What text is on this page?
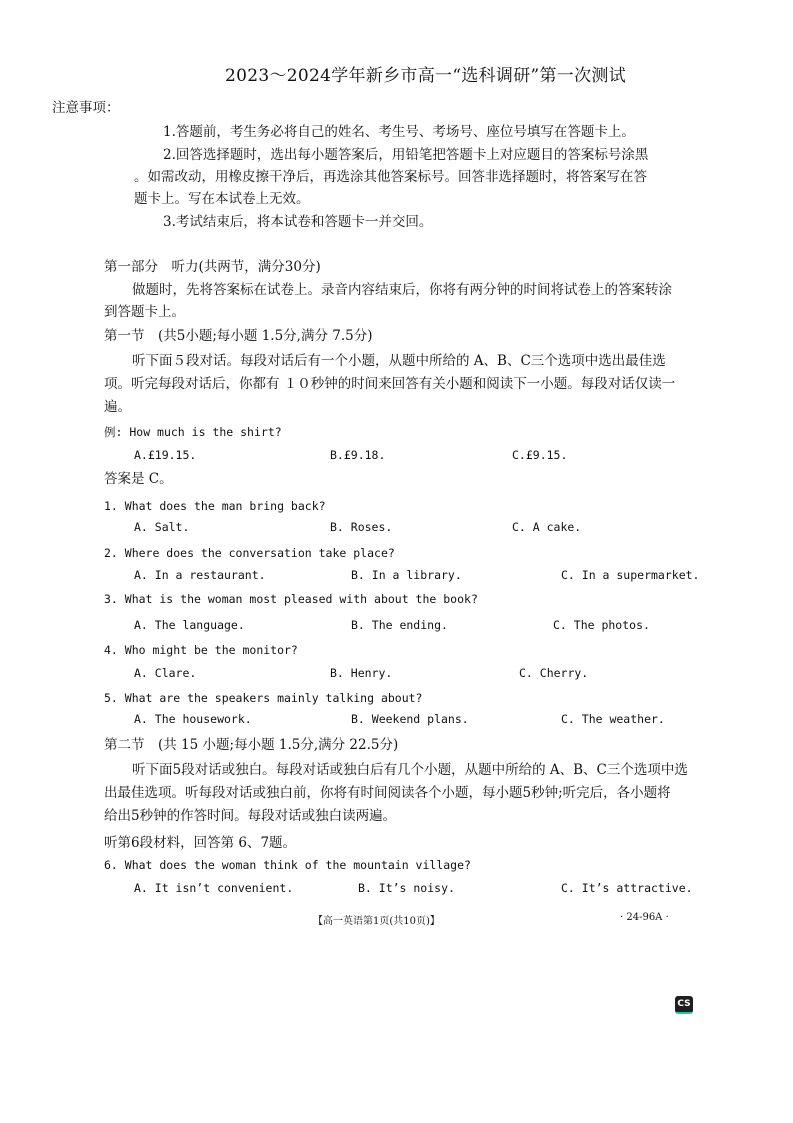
2023～2024学年新乡市高一“选科调研”第一次测试
注意事项：
1.答题前，考生务必将自己的姓名、考生号、考场号、座位号填写在答题卡上。
2.回答选择题时，选出每小题答案后，用铅笔把答题卡上对应题目的答案标号涂黑
。如需改动，用橡皮擦干净后，再选涂其他答案标号。回答非选择题时，将答案写在答
题卡上。写在本试卷上无效。
3.考试结束后，将本试卷和答题卡一并交回。
第一部分　听力(共两节，满分30分)
做题时，先将答案标在试卷上。录音内容结束后，你将有两分钟的时间将试卷上的答案转涂
到答题卡上。
第一节　(共5小题;每小题 1.5分,满分 7.5分)
听下面５段对话。每段对话后有一个小题，从题中所给的 A、B、C三个选项中选出最佳选
项。听完每段对话后，你都有 １０秒钟的时间来回答有关小题和阅读下一小题。每段对话仅读一
遍。
例: How much is the shirt?
A.£19.15.	B.£9.18.	C.£9.15.
答案是 C。
1. What does the man bring back?
A. Salt.	B. Roses.	C. A cake.
2. Where does the conversation take place?
A. In a restaurant.	B. In a library.	C. In a supermarket.
3. What is the woman most pleased with about the book?
A. The language.	B. The ending.	C. The photos.
4. Who might be the monitor?
A. Clare.	B. Henry.	C. Cherry.
5. What are the speakers mainly talking about?
A. The housework.	B. Weekend plans.	C. The weather.
第二节　(共 15 小题;每小题 1.5分,满分 22.5分)
听下面5段对话或独白。每段对话或独白后有几个小题，从题中所给的 A、B、C三个选项中选
出最佳选项。听每段对话或独白前，你将有时间阅读各个小题，每小题5秒钟;听完后，各小题将
给出5秒钟的作答时间。每段对话或独白读两遍。
听第6段材料，回答第 6、7题。
6. What does the woman think of the mountain village?
A. It isn’t convenient.	B. It’s noisy.	C. It’s attractive.
【高一英语第1页(共10页)】	· 24-96A ·
CS
